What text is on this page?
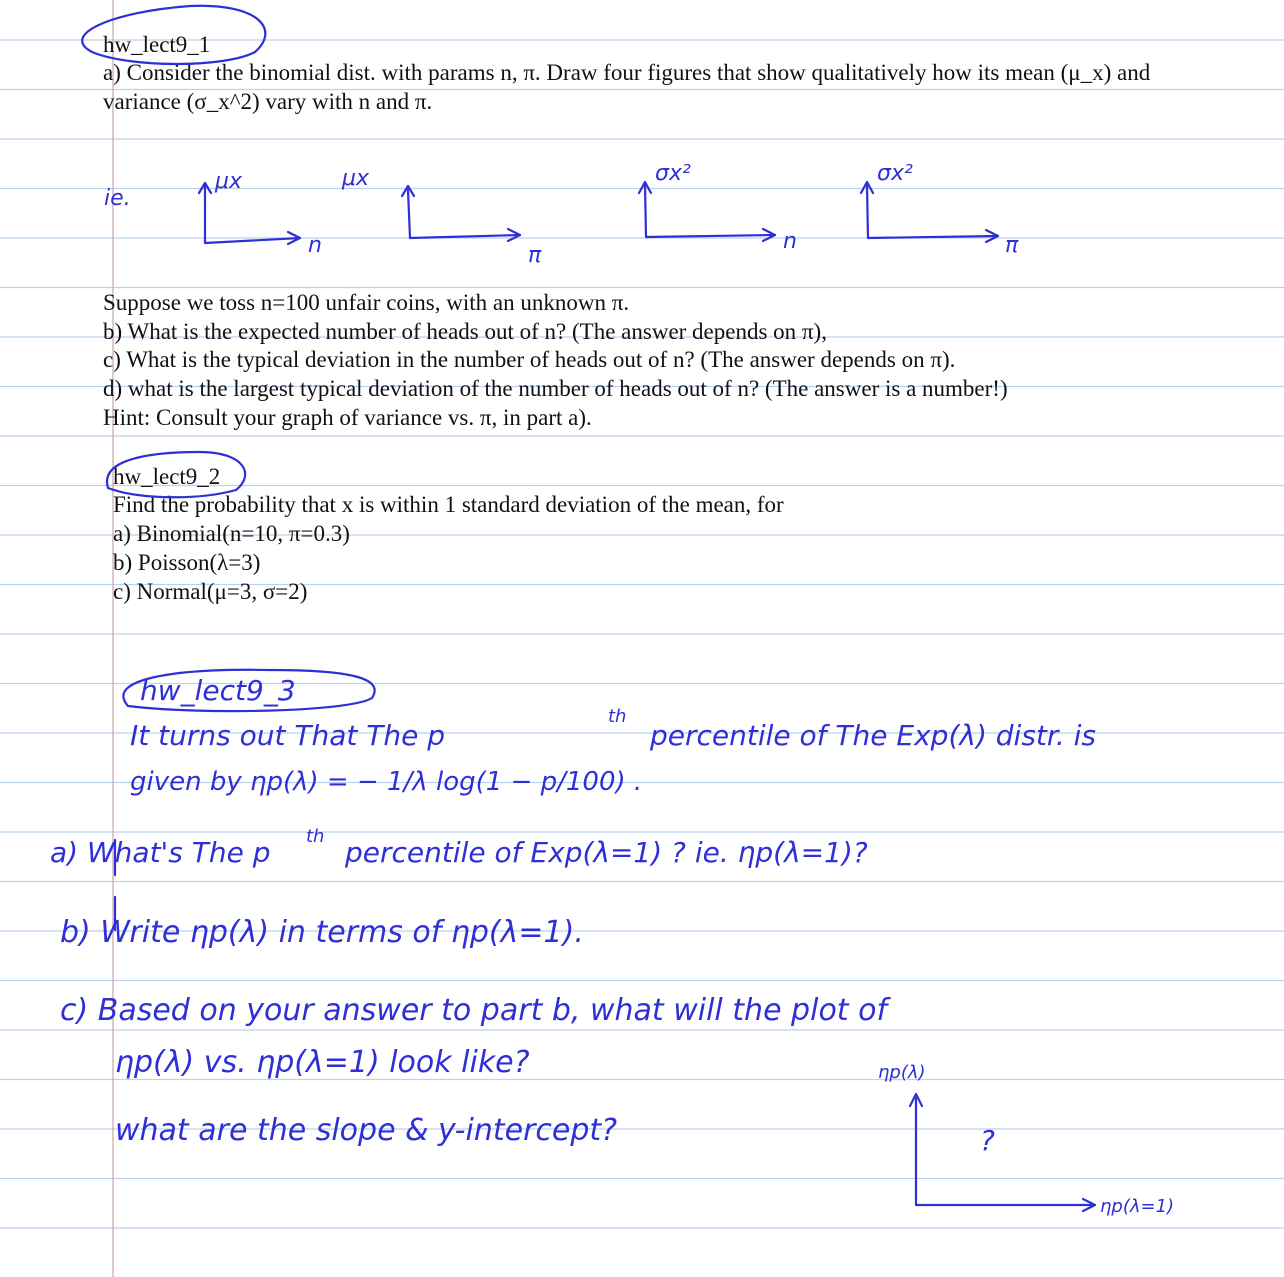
hw_lect9_1
a) Consider the binomial dist. with params n, π. Draw four figures that show qualitatively how its mean (μ_x) and
variance (σ_x^2) vary with n and π.
Suppose we toss n=100 unfair coins, with an unknown π.
b) What is the expected number of heads out of n? (The answer depends on π),
c) What is the typical deviation in the number of heads out of n? (The answer depends on π).
d) what is the largest typical deviation of the number of heads out of n? (The answer is a number!)
Hint: Consult your graph of variance vs. π, in part a).
hw_lect9_2
Find the probability that x is within 1 standard deviation of the mean, for
a) Binomial(n=10, π=0.3)
b) Poisson(λ=3)
c) Normal(μ=3, σ=2)
ie.
μx
n
μx
π
σx²
n
σx²
π
hw_lect9_3
It turns out That The p
th
percentile of The Exp(λ) distr. is
given by ηp(λ) = − 1/λ log(1 − p/100) .
a) What's The p th percentile of Exp(λ=1) ? ie. ηp(λ=1)?
b) Write ηp(λ) in terms of ηp(λ=1).
c) Based on your answer to part b, what will the plot of
ηp(λ) vs. ηp(λ=1) look like?
what are the slope & y-intercept?
ηp(λ)
?
ηp(λ=1)
